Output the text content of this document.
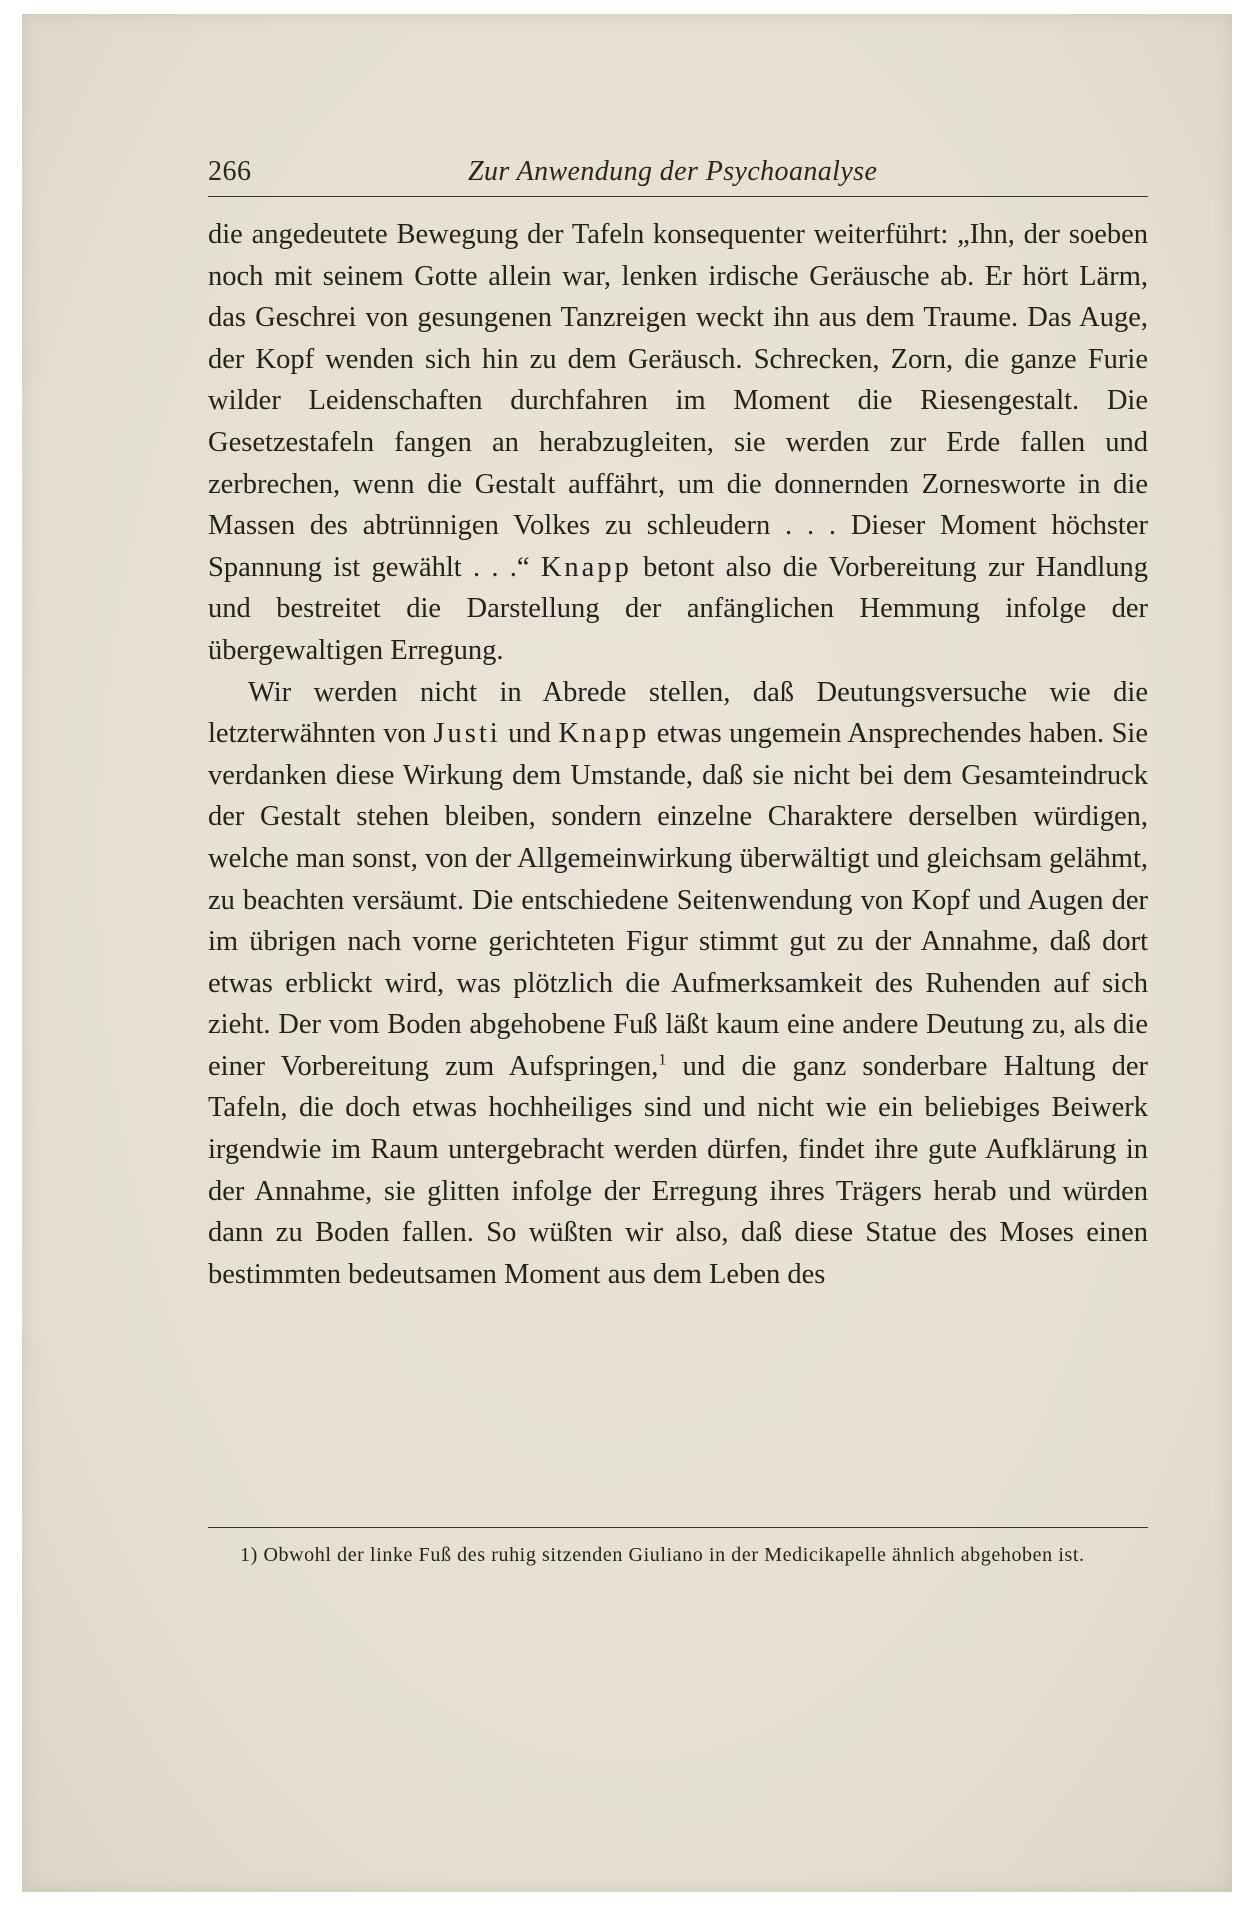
266	Zur Anwendung der Psychoanalyse

die angedeutete Bewegung der Tafeln konsequenter weiterführt: „Ihn, der soeben noch mit seinem Gotte allein war, lenken irdische Geräusche ab. Er hört Lärm, das Geschrei von gesungenen Tanzreigen weckt ihn aus dem Traume. Das Auge, der Kopf wenden sich hin zu dem Geräusch. Schrecken, Zorn, die ganze Furie wilder Leidenschaften durchfahren im Moment die Riesengestalt. Die Gesetzestafeln fangen an herabzugleiten, sie werden zur Erde fallen und zerbrechen, wenn die Gestalt auffährt, um die donnernden Zornesworte in die Massen des abtrünnigen Volkes zu schleudern . . . Dieser Moment höchster Spannung ist gewählt . . .“ Knapp betont also die Vorbereitung zur Handlung und bestreitet die Darstellung der anfänglichen Hemmung infolge der übergewaltigen Erregung.

Wir werden nicht in Abrede stellen, daß Deutungsversuche wie die letzterwähnten von Justi und Knapp etwas ungemein Ansprechendes haben. Sie verdanken diese Wirkung dem Umstande, daß sie nicht bei dem Gesamteindruck der Gestalt stehen bleiben, sondern einzelne Charaktere derselben würdigen, welche man sonst, von der Allgemeinwirkung überwältigt und gleichsam gelähmt, zu beachten versäumt. Die entschiedene Seitenwendung von Kopf und Augen der im übrigen nach vorne gerichteten Figur stimmt gut zu der Annahme, daß dort etwas erblickt wird, was plötzlich die Aufmerksamkeit des Ruhenden auf sich zieht. Der vom Boden abgehobene Fuß läßt kaum eine andere Deutung zu, als die einer Vorbereitung zum Aufspringen,$^1$ und die ganz sonderbare Haltung der Tafeln, die doch etwas hochheiliges sind und nicht wie ein beliebiges Beiwerk irgendwie im Raum untergebracht werden dürfen, findet ihre gute Aufklärung in der Annahme, sie glitten infolge der Erregung ihres Trägers herab und würden dann zu Boden fallen. So wüßten wir also, daß diese Statue des Moses einen bestimmten bedeutsamen Moment aus dem Leben des

1) Obwohl der linke Fuß des ruhig sitzenden Giuliano in der Medicikapelle ähnlich abgehoben ist.
